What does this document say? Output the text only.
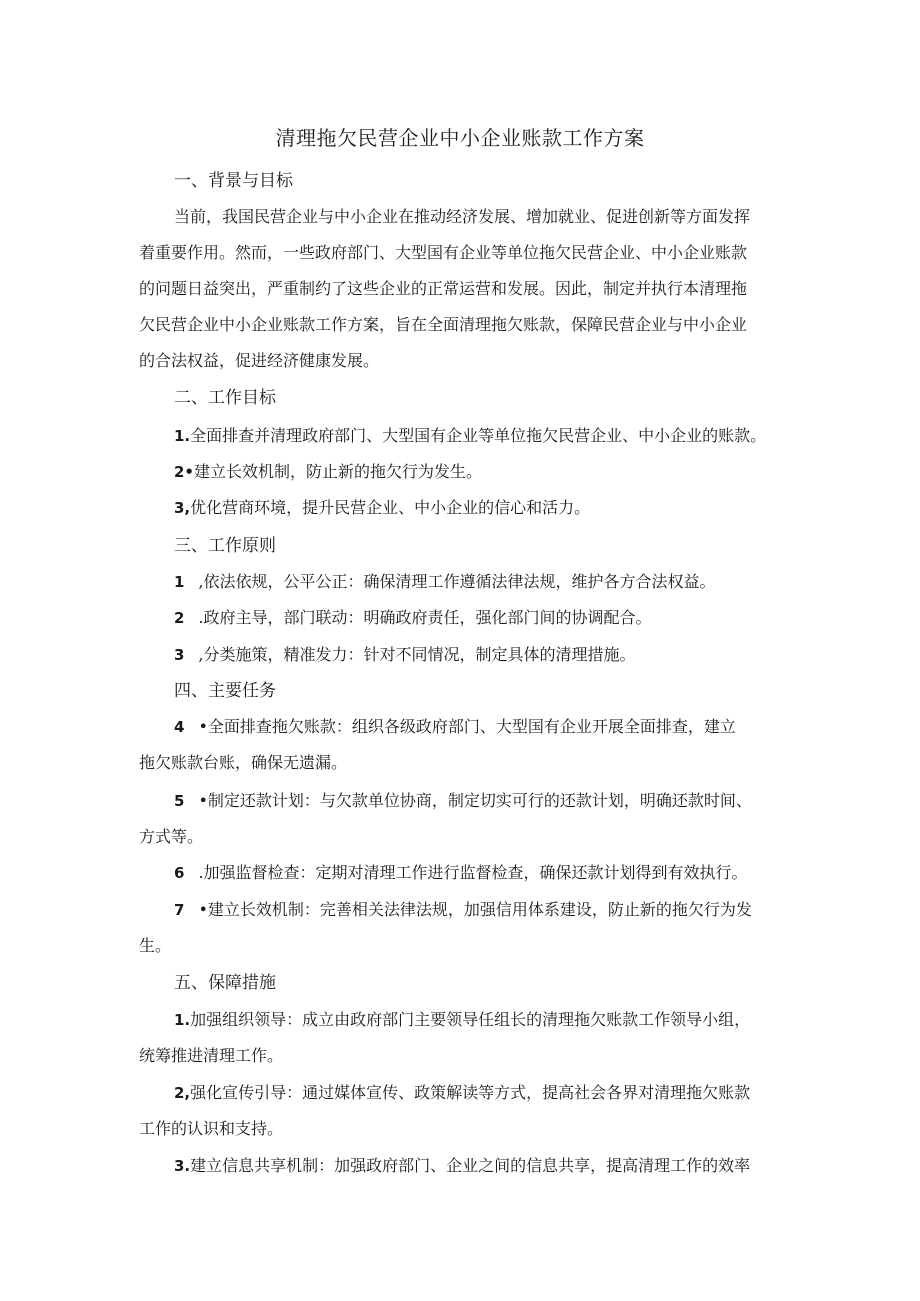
清理拖欠民营企业中小企业账款工作方案
一、背景与目标
当前，我国民营企业与中小企业在推动经济发展、增加就业、促进创新等方面发挥
着重要作用。然而，一些政府部门、大型国有企业等单位拖欠民营企业、中小企业账款
的问题日益突出，严重制约了这些企业的正常运营和发展。因此，制定并执行本清理拖
欠民营企业中小企业账款工作方案，旨在全面清理拖欠账款，保障民营企业与中小企业
的合法权益，促进经济健康发展。
二、工作目标
1.全面排查并清理政府部门、大型国有企业等单位拖欠民营企业、中小企业的账款。
2•建立长效机制，防止新的拖欠行为发生。
3,优化营商环境，提升民营企业、中小企业的信心和活力。
三、工作原则
1 ,依法依规，公平公正：确保清理工作遵循法律法规，维护各方合法权益。
2 .政府主导，部门联动：明确政府责任，强化部门间的协调配合。
3 ,分类施策，精准发力：针对不同情况，制定具体的清理措施。
四、主要任务
4 •全面排查拖欠账款：组织各级政府部门、大型国有企业开展全面排查，建立
拖欠账款台账，确保无遗漏。
5 •制定还款计划：与欠款单位协商，制定切实可行的还款计划，明确还款时间、
方式等。
6 .加强监督检查：定期对清理工作进行监督检查，确保还款计划得到有效执行。
7 •建立长效机制：完善相关法律法规，加强信用体系建设，防止新的拖欠行为发
生。
五、保障措施
1.加强组织领导：成立由政府部门主要领导任组长的清理拖欠账款工作领导小组，
统筹推进清理工作。
2,强化宣传引导：通过媒体宣传、政策解读等方式，提高社会各界对清理拖欠账款
工作的认识和支持。
3.建立信息共享机制：加强政府部门、企业之间的信息共享，提高清理工作的效率
